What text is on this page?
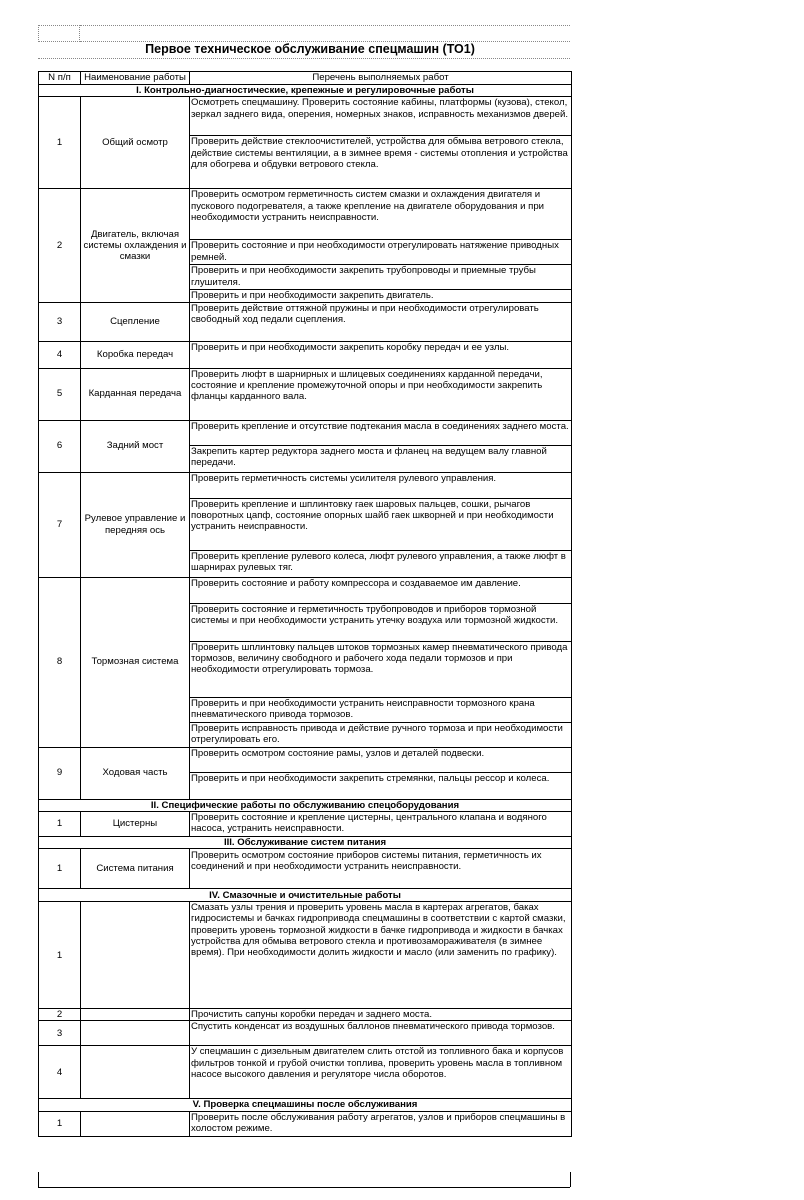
Первое техническое обслуживание спецмашин (ТО1)
N п/п	Наименование работы	Перечень выполняемых работ
I. Контрольно-диагностические, крепежные и регулировочные работы		
1	Общий осмотр	Осмотреть спецмашину. Проверить состояние кабины, платформы (кузова), стекол, зеркал заднего вида, оперения, номерных знаков, исправность механизмов дверей.
		Проверить действие стеклоочистителей, устройства для обмыва ветрового стекла, действие системы вентиляции, а в зимнее время - системы отопления и устройства для обогрева и обдувки ветрового стекла.
2	Двигатель, включая системы охлаждения и смазки	Проверить осмотром герметичность систем смазки и охлаждения двигателя и пускового подогревателя, а также крепление на двигателе оборудования и при необходимости устранить неисправности.
		Проверить состояние и при необходимости отрегулировать натяжение приводных ремней.
		Проверить и при необходимости закрепить трубопроводы и приемные трубы глушителя.
		Проверить и при необходимости закрепить двигатель.
3	Сцепление	Проверить действие оттяжной пружины и при необходимости отрегулировать свободный ход педали сцепления.
4	Коробка передач	Проверить и при необходимости закрепить коробку передач и ее узлы.
5	Карданная передача	Проверить люфт в шарнирных и шлицевых соединениях карданной передачи, состояние и крепление промежуточной опоры и при необходимости закрепить фланцы карданного вала.
6	Задний мост	Проверить крепление и отсутствие подтекания масла в соединениях заднего моста.
		Закрепить картер редуктора заднего моста и фланец на ведущем валу главной передачи.
7	Рулевое управление и передняя ось	Проверить герметичность системы усилителя рулевого управления.
		Проверить крепление и шплинтовку гаек шаровых пальцев, сошки, рычагов поворотных цапф, состояние опорных шайб гаек шкворней и при необходимости устранить неисправности.
		Проверить крепление рулевого колеса, люфт рулевого управления, а также люфт в шарнирах рулевых тяг.
8	Тормозная система	Проверить состояние и работу компрессора и создаваемое им давление.
		Проверить состояние и герметичность трубопроводов и приборов тормозной системы и при необходимости устранить утечку воздуха или тормозной жидкости.
		Проверить шплинтовку пальцев штоков тормозных камер пневматического привода тормозов, величину свободного и рабочего хода педали тормозов и при необходимости отрегулировать тормоза.
		Проверить и при необходимости устранить неисправности тормозного крана пневматического привода тормозов.
		Проверить исправность привода и действие ручного тормоза и при необходимости отрегулировать его.
9	Ходовая часть	Проверить осмотром состояние рамы, узлов и деталей подвески.
		Проверить и при необходимости закрепить стремянки, пальцы рессор и колеса.
II. Специфические работы по обслуживанию спецоборудования		
1	Цистерны	Проверить состояние и крепление цистерны, центрального клапана и водяного насоса, устранить неисправности.
III. Обслуживание систем питания		
1	Система питания	Проверить осмотром состояние приборов системы питания, герметичность их соединений и при необходимости устранить неисправности.
IV. Смазочные и очистительные работы		
1		Смазать узлы трения и проверить уровень масла в картерах агрегатов, баках гидросистемы и бачках гидропривода спецмашины в соответствии с картой смазки, проверить уровень тормозной жидкости в бачке гидропривода и жидкости в бачках устройства для обмыва ветрового стекла и противозамораживателя (в зимнее время). При необходимости долить жидкости и масло (или заменить по графику).
2		Прочистить сапуны коробки передач и заднего моста.
3		Спустить конденсат из воздушных баллонов пневматического привода тормозов.
4		У спецмашин с дизельным двигателем слить отстой из топливного бака и корпусов фильтров тонкой и грубой очистки топлива, проверить уровень масла в топливном насосе высокого давления и регуляторе числа оборотов.
V. Проверка спецмашины после обслуживания		
1		Проверить после обслуживания работу агрегатов, узлов и приборов спецмашины в холостом режиме.
